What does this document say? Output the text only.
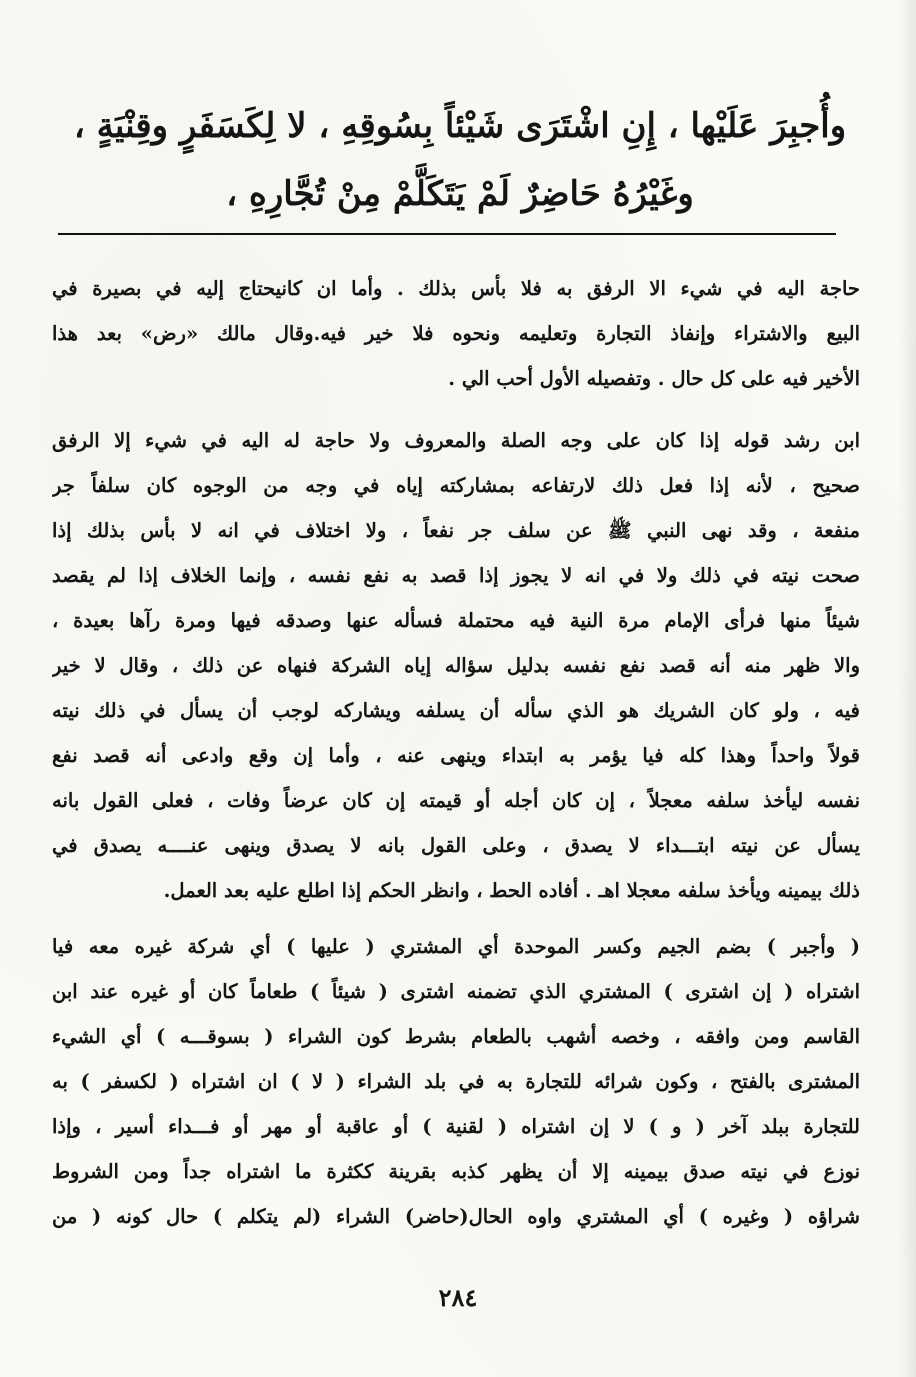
وأُجبِرَ عَلَيْها ، إِنِ اشْتَرَى شَيْئاً بِسُوقِهِ ، لا لِكَسَفَرٍ وقِنْيَةٍ ،
وغَيْرُهُ حَاضِرٌ لَمْ يَتَكَلَّمْ مِنْ تُجَّارِهِ ،
حاجة اليه في شيء الا الرفق به فلا بأس بذلك . وأما ان كانيحتاج إليه في بصيرة في
البيع والاشتراء وإنفاذ التجارة وتعليمه ونحوه فلا خير فيه.وقال مالك «رض» بعد هذا
الأخير فيه على كل حال . وتفصيله الأول أحب الي .
ابن رشد قوله إذا كان على وجه الصلة والمعروف ولا حاجة له اليه في شيء إلا الرفق
صحيح ، لأنه إذا فعل ذلك لارتفاعه بمشاركته إياه في وجه من الوجوه كان سلفاً جر
منفعة ، وقد نهى النبي ﷺ عن سلف جر نفعاً ، ولا اختلاف في انه لا بأس بذلك إذا
صحت نيته في ذلك ولا في انه لا يجوز إذا قصد به نفع نفسه ، وإنما الخلاف إذا لم يقصد
شيئاً منها فرأى الإمام مرة النية فيه محتملة فسأله عنها وصدقه فيها ومرة رآها بعيدة ،
والا ظهر منه أنه قصد نفع نفسه بدليل سؤاله إياه الشركة فنهاه عن ذلك ، وقال لا خير
فيه ، ولو كان الشريك هو الذي سأله أن يسلفه ويشاركه لوجب أن يسأل في ذلك نيته
قولاً واحداً وهذا كله فيا يؤمر به ابتداء وينهى عنه ، وأما إن وقع وادعى أنه قصد نفع
نفسه ليأخذ سلفه معجلاً ، إن كان أجله أو قيمته إن كان عرضاً وفات ، فعلى القول بانه
يسأل عن نيته ابتـــداء لا يصدق ، وعلى القول بانه لا يصدق وينهى عنــــه يصدق في
ذلك بيمينه ويأخذ سلفه معجلا اهـ . أفاده الحط ، وانظر الحكم إذا اطلع عليه بعد العمل.
( وأجبر ) بضم الجيم وكسر الموحدة أي المشتري ( عليها ) أي شركة غيره معه فيا
اشتراه ( إن اشترى ) المشتري الذي تضمنه اشترى ( شيئاً ) طعاماً كان أو غيره عند ابن
القاسم ومن وافقه ، وخصه أشهب بالطعام بشرط كون الشراء ( بسوقـــه ) أي الشيء
المشترى بالفتح ، وكون شرائه للتجارة به في بلد الشراء ( لا ) ان اشتراه ( لكسفر ) به
للتجارة ببلد آخر ( و ) لا إن اشتراه ( لقنية ) أو عاقبة أو مهر أو فـــداء أسير ، وإذا
نوزع في نيته صدق بيمينه إلا أن يظهر كذبه بقرينة ككثرة ما اشتراه جداً ومن الشروط
شراؤه ( وغيره ) أي المشتري واوه الحال(حاضر) الشراء (لم يتكلم ) حال كونه ( من
٢٨٤
